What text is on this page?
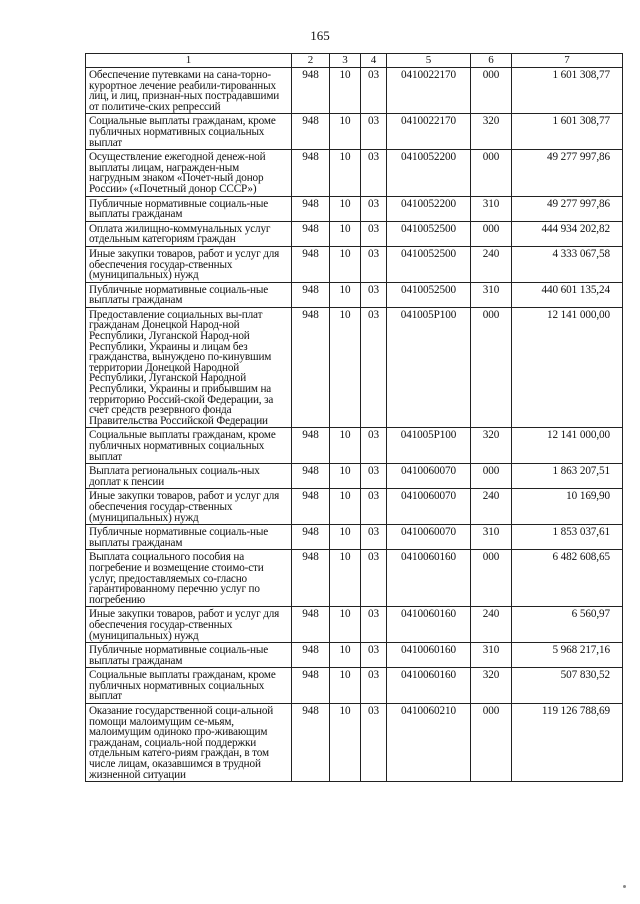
165
1	2	3	4	5	6	7
Обеспечение путевками на сана-торно-курортное лечение реабили-тированных лиц, и лиц, признан-ных пострадавшими от политиче-ских репрессий	948	10	03	0410022170	000	1 601 308,77
Социальные выплаты гражданам, кроме публичных нормативных социальных выплат	948	10	03	0410022170	320	1 601 308,77
Осуществление ежегодной денеж-ной выплаты лицам, награжден-ным нагрудным знаком «Почет-ный донор России» («Почетный донор СССР»)	948	10	03	0410052200	000	49 277 997,86
Публичные нормативные социаль-ные выплаты гражданам	948	10	03	0410052200	310	49 277 997,86
Оплата жилищно-коммунальных услуг отдельным категориям граждан	948	10	03	0410052500	000	444 934 202,82
Иные закупки товаров, работ и услуг для обеспечения государ-ственных (муниципальных) нужд	948	10	03	0410052500	240	4 333 067,58
Публичные нормативные социаль-ные выплаты гражданам	948	10	03	0410052500	310	440 601 135,24
Предоставление социальных вы-плат гражданам Донецкой Народ-ной Республики, Луганской Народ-ной Республики, Украины и лицам без гражданства, вынуждено по-кинувшим территории Донецкой Народной Республики, Луганской Народной Республики, Украины и прибывшим на территорию Россий-ской Федерации, за счет средств резервного фонда Правительства Российской Федерации	948	10	03	041005Р100	000	12 141 000,00
Социальные выплаты гражданам, кроме публичных нормативных социальных выплат	948	10	03	041005Р100	320	12 141 000,00
Выплата региональных социаль-ных доплат к пенсии	948	10	03	0410060070	000	1 863 207,51
Иные закупки товаров, работ и услуг для обеспечения государ-ственных (муниципальных) нужд	948	10	03	0410060070	240	10 169,90
Публичные нормативные социаль-ные выплаты гражданам	948	10	03	0410060070	310	1 853 037,61
Выплата социального пособия на погребение и возмещение стоимо-сти услуг, предоставляемых со-гласно гарантированному перечню услуг по погребению	948	10	03	0410060160	000	6 482 608,65
Иные закупки товаров, работ и услуг для обеспечения государ-ственных (муниципальных) нужд	948	10	03	0410060160	240	6 560,97
Публичные нормативные социаль-ные выплаты гражданам	948	10	03	0410060160	310	5 968 217,16
Социальные выплаты гражданам, кроме публичных нормативных социальных выплат	948	10	03	0410060160	320	507 830,52
Оказание государственной соци-альной помощи малоимущим се-мьям, малоимущим одиноко про-живающим гражданам, социаль-ной поддержки отдельным катего-риям граждан, в том числе лицам, оказавшимся в трудной жизненной ситуации	948	10	03	0410060210	000	119 126 788,69
